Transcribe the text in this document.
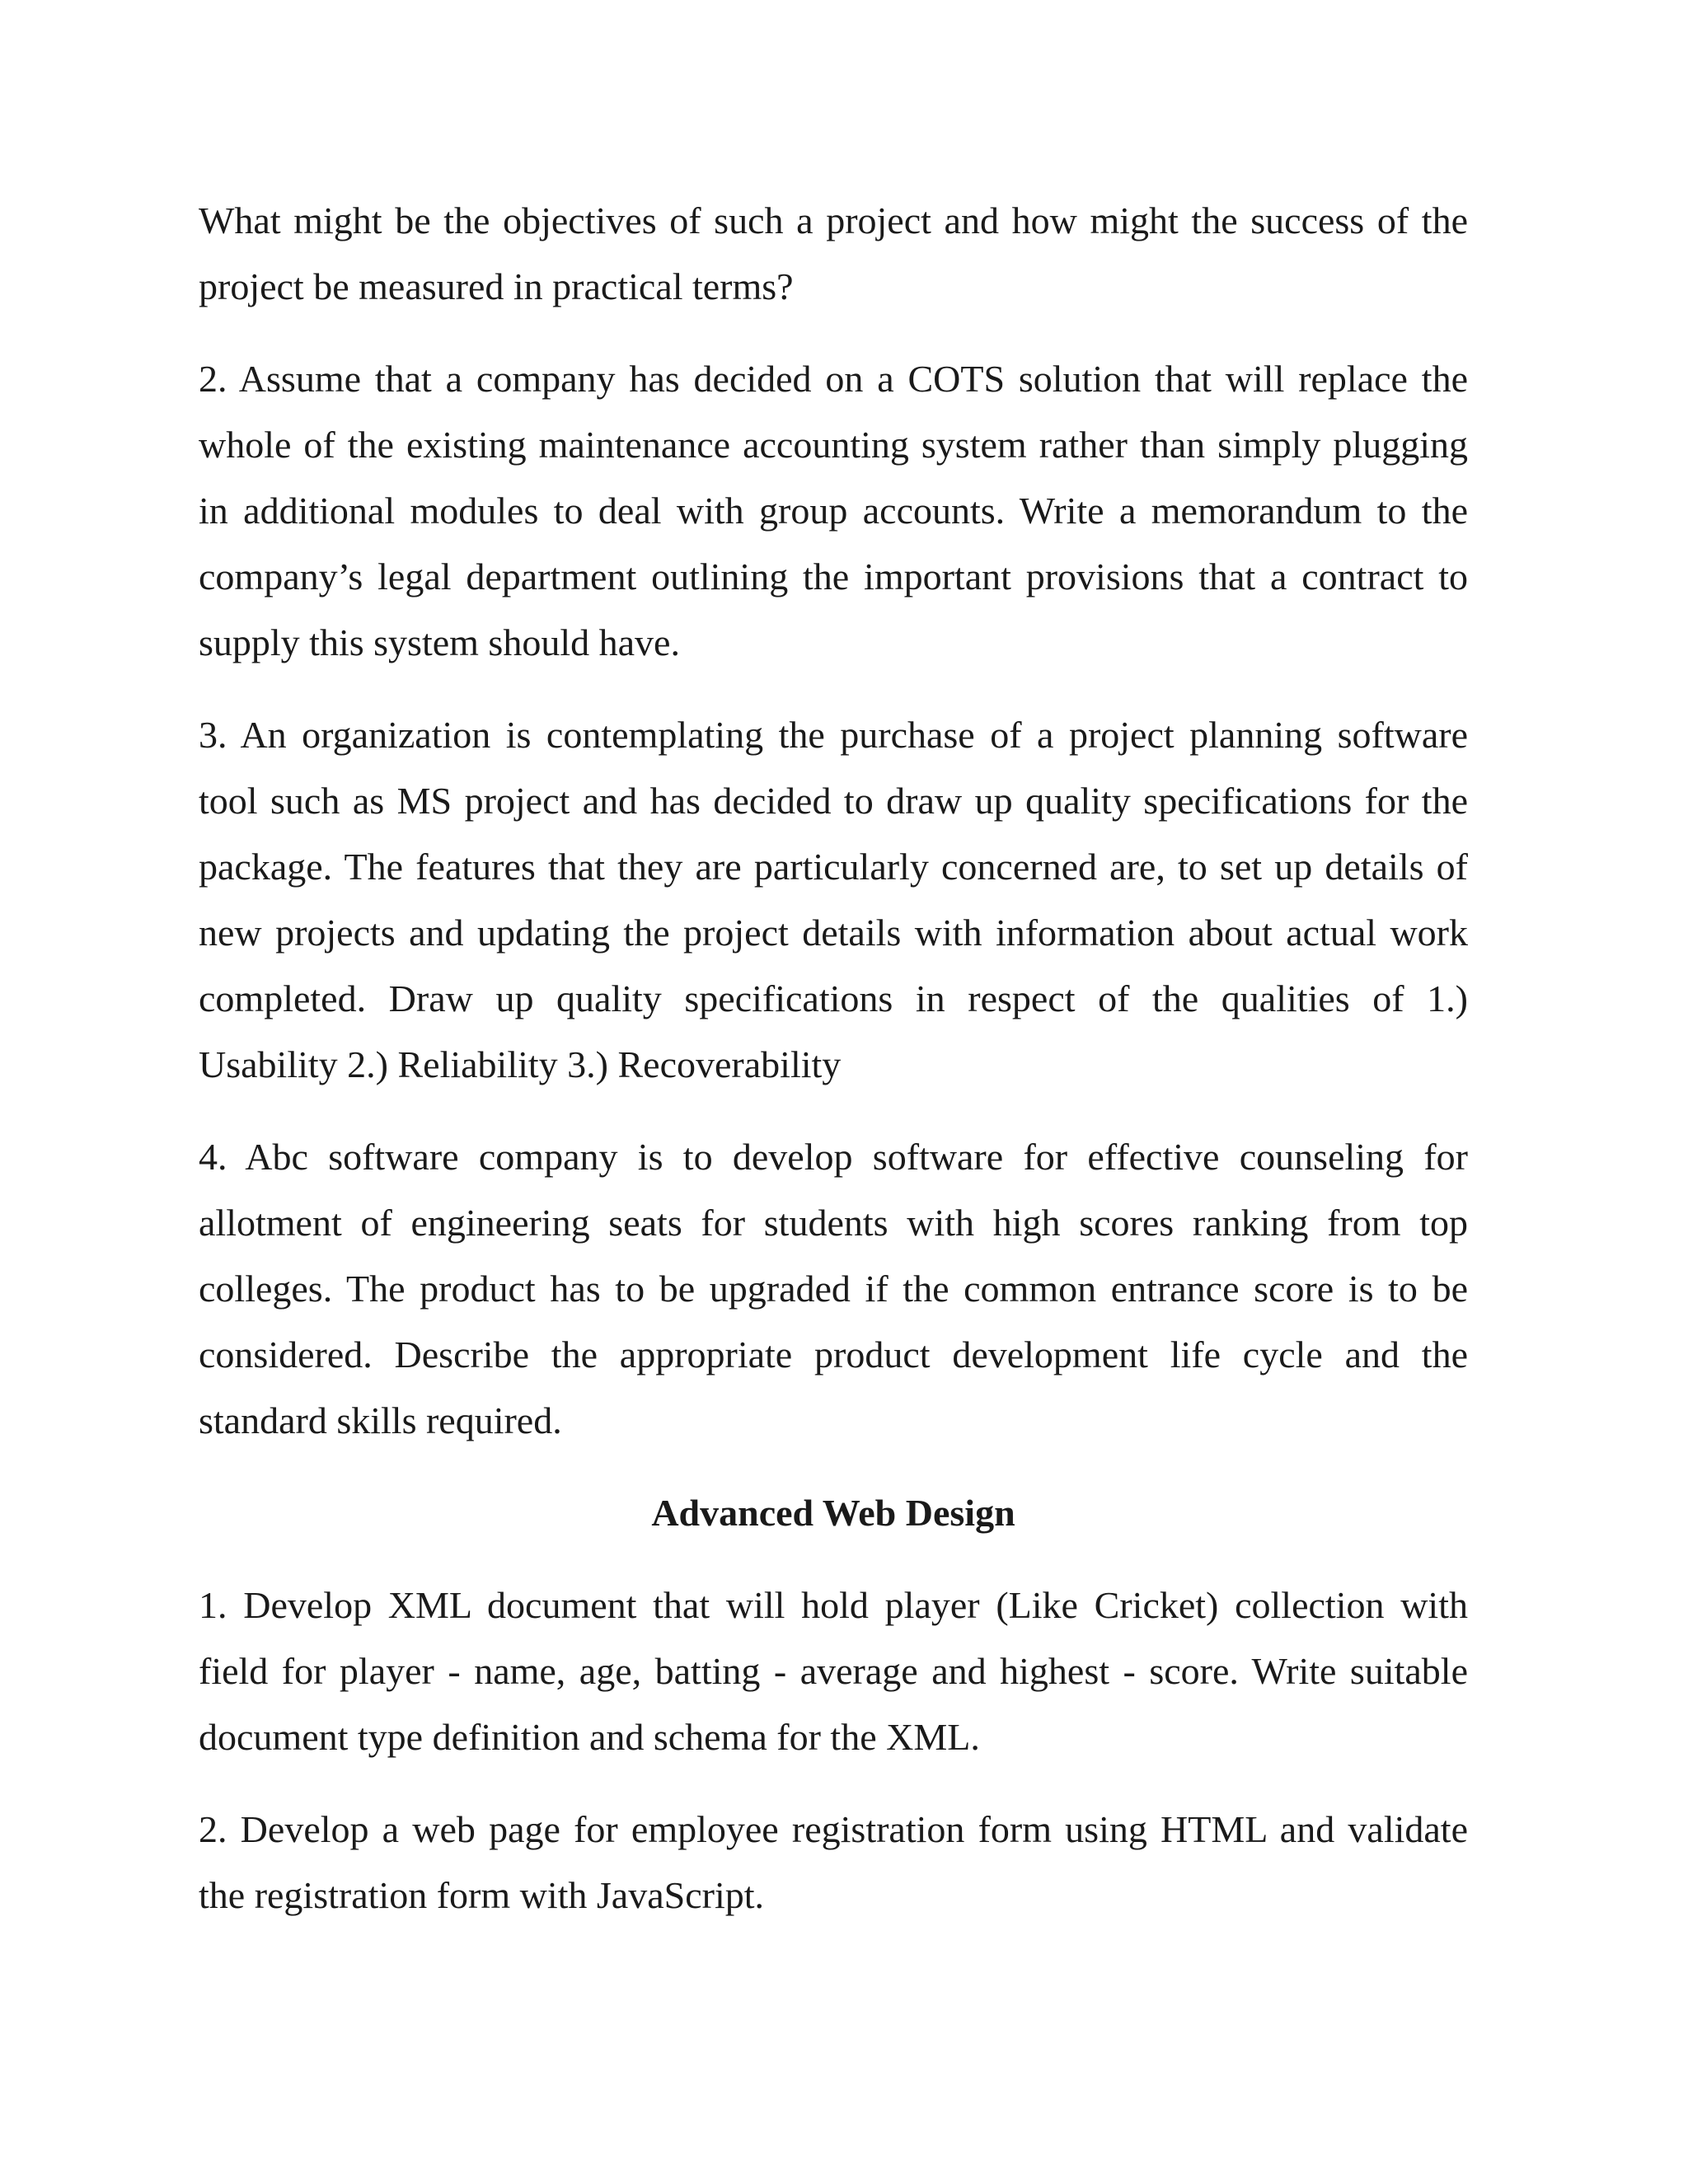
What might be the objectives of such a project and how might the success of the project be measured in practical terms?

2. Assume that a company has decided on a COTS solution that will replace the whole of the existing maintenance accounting system rather than simply plugging in additional modules to deal with group accounts. Write a memorandum to the company’s legal department outlining the important provisions that a contract to supply this system should have.

3. An organization is contemplating the purchase of a project planning software tool such as MS project and has decided to draw up quality specifications for the package. The features that they are particularly concerned are, to set up details of new projects and updating the project details with information about actual work completed. Draw up quality specifications in respect of the qualities of 1.) Usability 2.) Reliability 3.) Recoverability

4. Abc software company is to develop software for effective counseling for allotment of engineering seats for students with high scores ranking from top colleges. The product has to be upgraded if the common entrance score is to be considered. Describe the appropriate product development life cycle and the standard skills required.

Advanced Web Design

1. Develop XML document that will hold player (Like Cricket) collection with field for player - name, age, batting - average and highest - score. Write suitable document type definition and schema for the XML.

2. Develop a web page for employee registration form using HTML and validate the registration form with JavaScript.
